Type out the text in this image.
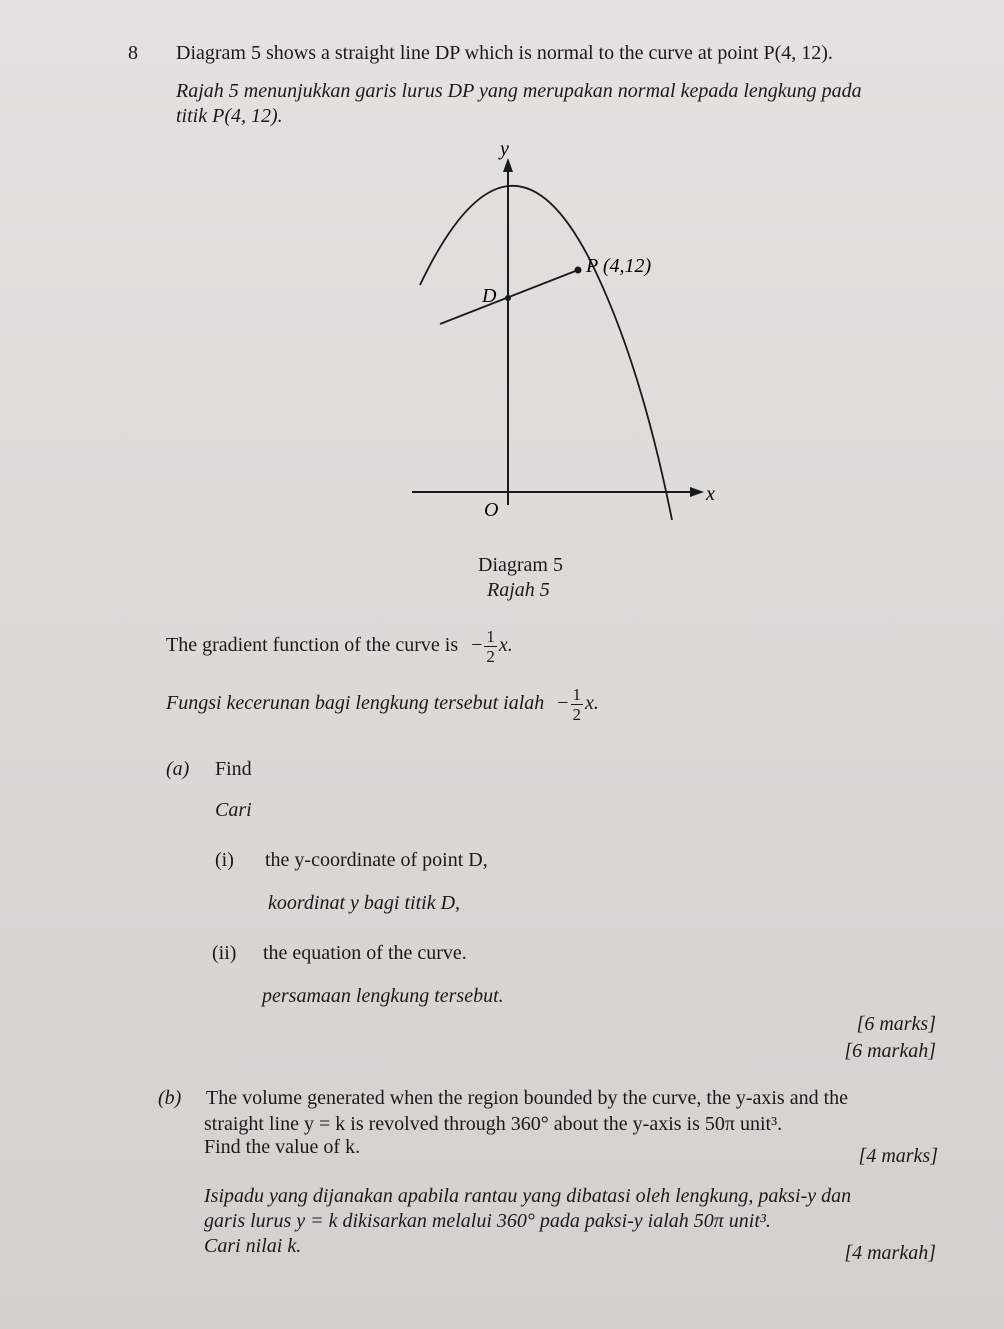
8 Diagram 5 shows a straight line DP which is normal to the curve at point P(4, 12).
Rajah 5 menunjukkan garis lurus DP yang merupakan normal kepada lengkung pada
titik P(4, 12).
y
x
O
P (4,12)
D
Diagram 5
Rajah 5
The gradient function of the curve is − $\frac{1}{2} x$.
Fungsi kecerunan bagi lengkung tersebut ialah − $\frac{1}{2} x$.
(a) Find
Cari
(i) the y-coordinate of point D,
koordinat y bagi titik D,
(ii) the equation of the curve.
persamaan lengkung tersebut.
[6 marks]
[6 markah]
(b) The volume generated when the region bounded by the curve, the y-axis and the
straight line y = k is revolved through 360° about the y-axis is 50π unit³.
Find the value of k.	[4 marks]
Isipadu yang dijanakan apabila rantau yang dibatasi oleh lengkung, paksi-y dan
garis lurus y = k dikisarkan melalui 360° pada paksi-y ialah 50π unit³.
Cari nilai k.	[4 markah]
